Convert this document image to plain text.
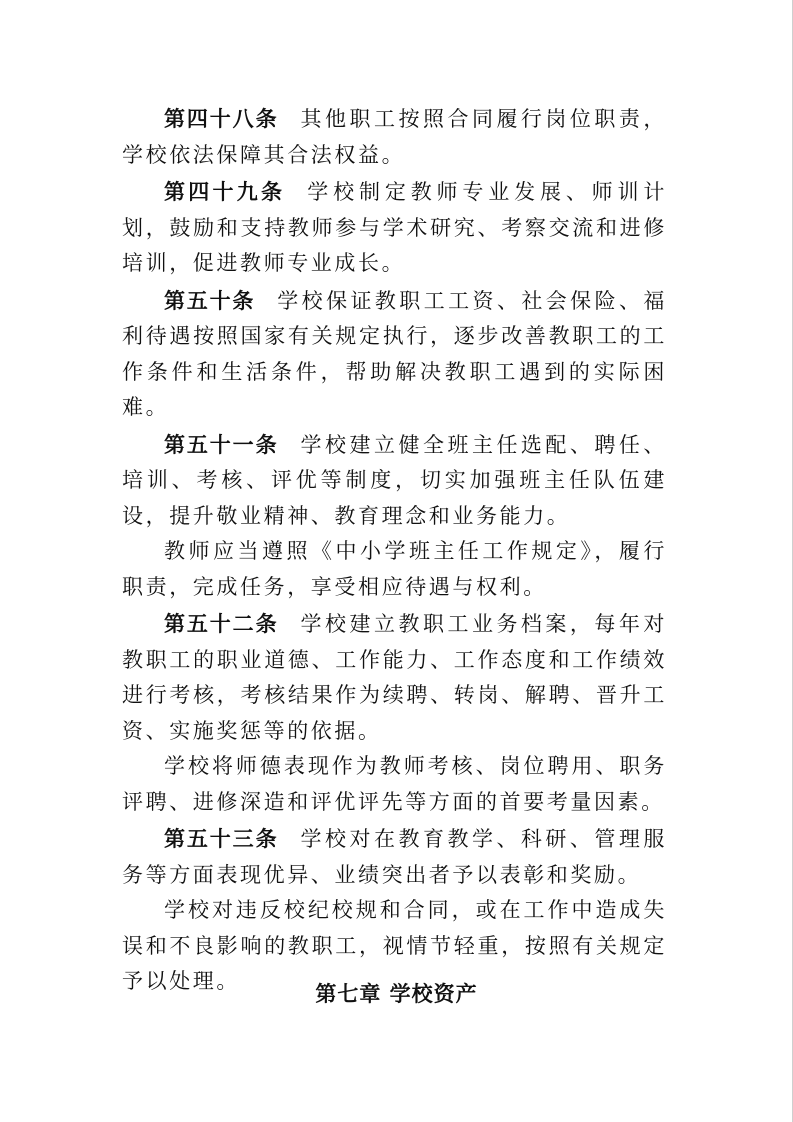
第四十八条 其他职工按照合同履行岗位职责，学校依法保障其合法权益。

第四十九条 学校制定教师专业发展、师训计划，鼓励和支持教师参与学术研究、考察交流和进修培训，促进教师专业成长。

第五十条 学校保证教职工工资、社会保险、福利待遇按照国家有关规定执行，逐步改善教职工的工作条件和生活条件，帮助解决教职工遇到的实际困难。

第五十一条 学校建立健全班主任选配、聘任、培训、考核、评优等制度，切实加强班主任队伍建设，提升敬业精神、教育理念和业务能力。

教师应当遵照《中小学班主任工作规定》，履行职责，完成任务，享受相应待遇与权利。

第五十二条 学校建立教职工业务档案，每年对教职工的职业道德、工作能力、工作态度和工作绩效进行考核，考核结果作为续聘、转岗、解聘、晋升工资、实施奖惩等的依据。

学校将师德表现作为教师考核、岗位聘用、职务评聘、进修深造和评优评先等方面的首要考量因素。

第五十三条 学校对在教育教学、科研、管理服务等方面表现优异、业绩突出者予以表彰和奖励。

学校对违反校纪校规和合同，或在工作中造成失误和不良影响的教职工，视情节轻重，按照有关规定予以处理。	第七章 学校资产
